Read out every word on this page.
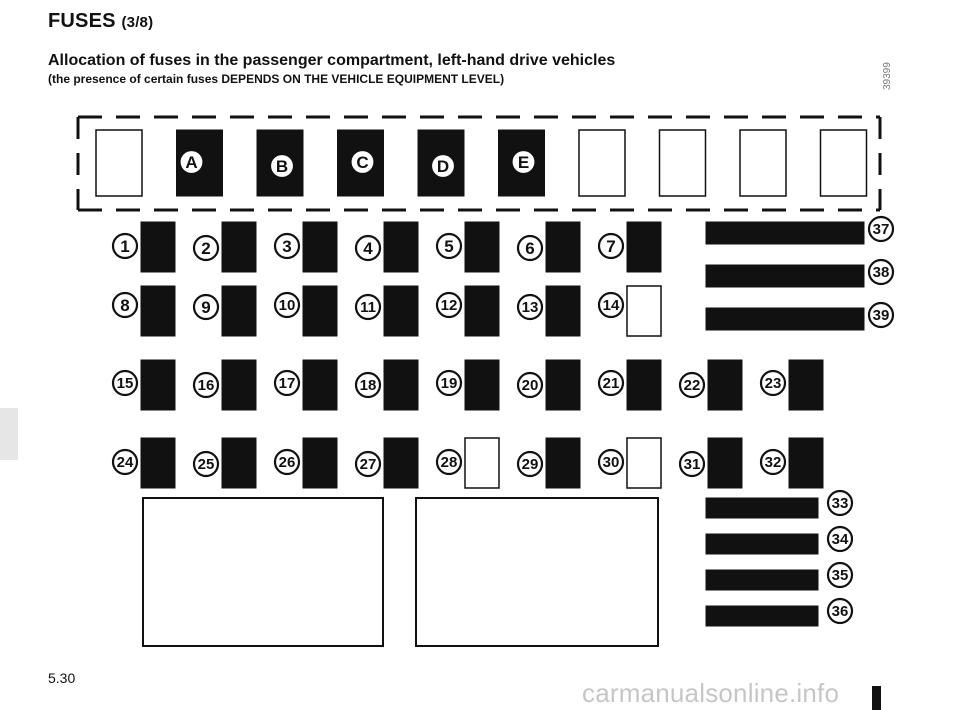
FUSES (3/8)

Allocation of fuses in the passenger compartment, left-hand drive vehicles

(the presence of certain fuses DEPENDS ON THE VEHICLE EQUIPMENT LEVEL)	39399
A	B	C	D	E
1	2	3	4	5	6	7
8	9	10	11	12	13	14
15	16	17	18	19	20	21	22	23
24	25	26	27	28	29	30	31	32
37
38
39
33
34
35
36
5.30	carmanualsonline.info
